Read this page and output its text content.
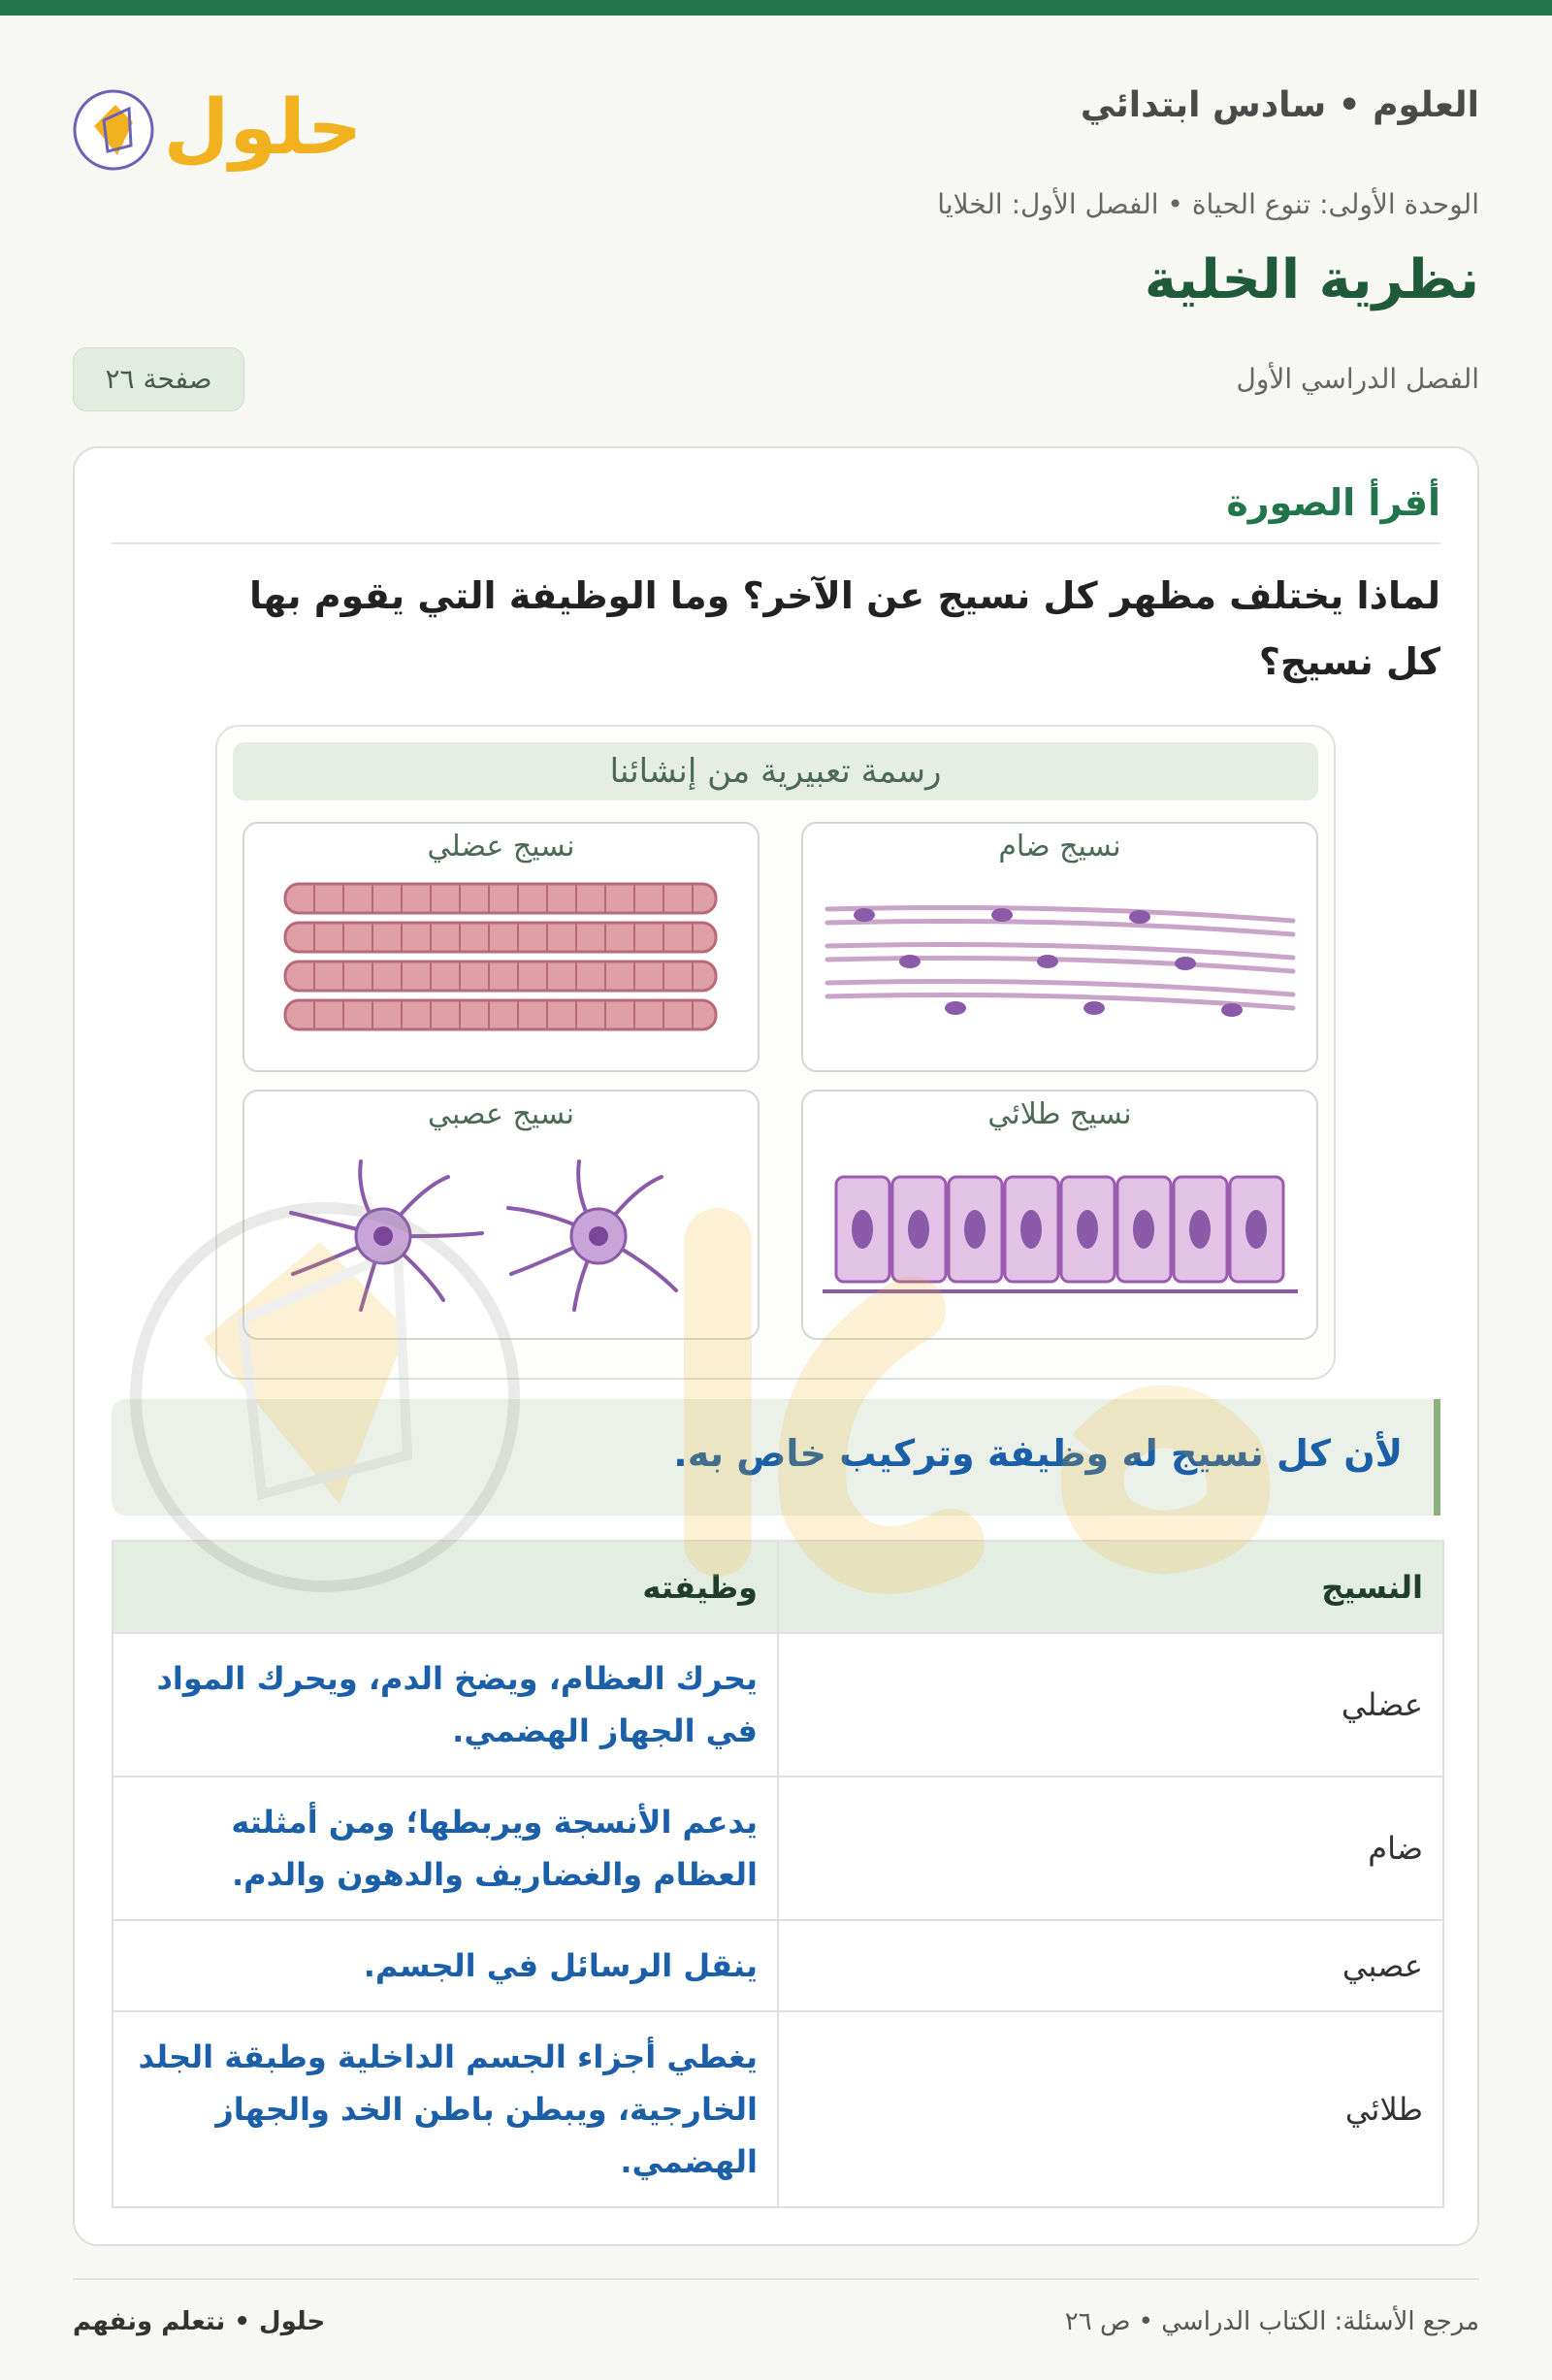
العلوم • سادس ابتدائي
حلول
الوحدة الأولى: تنوع الحياة • الفصل الأول: الخلايا
نظرية الخلية
الفصل الدراسي الأول
صفحة ٢٦
أقرأ الصورة
لماذا يختلف مظهر كل نسيج عن الآخر؟ وما الوظيفة التي يقوم بها كل نسيج؟
رسمة تعبيرية من إنشائنا
نسيج ضام
نسيج عضلي
نسيج طلائي
نسيج عصبي
لأن كل نسيج له وظيفة وتركيب خاص به.
النسيج	وظيفته
عضلي	يحرك العظام، ويضخ الدم، ويحرك المواد في الجهاز الهضمي.
ضام	يدعم الأنسجة ويربطها؛ ومن أمثلته العظام والغضاريف والدهون والدم.
عصبي	ينقل الرسائل في الجسم.
طلائي	يغطي أجزاء الجسم الداخلية وطبقة الجلد الخارجية، ويبطن باطن الخد والجهاز الهضمي.
مرجع الأسئلة: الكتاب الدراسي • ص ٢٦
حلول • نتعلم ونفهم
